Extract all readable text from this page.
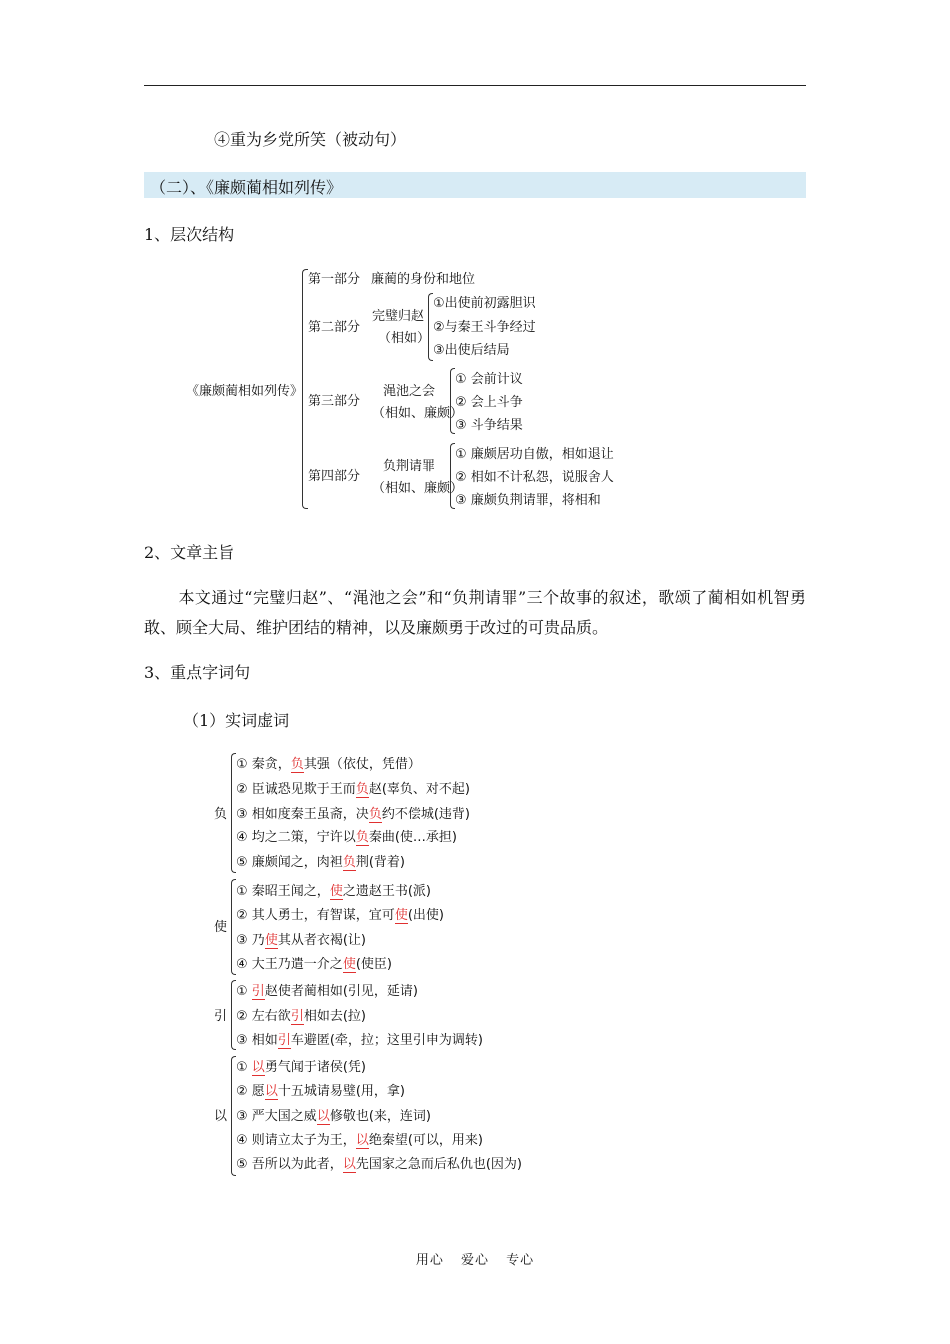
④重为乡党所笑（被动句）
（二）、《廉颇蔺相如列传》
1、层次结构
《廉颇蔺相如列传》
第一部分 廉蔺的身份和地位
第二部分
完璧归赵
（相如）
①出使前初露胆识
②与秦王斗争经过
③出使后结局
第三部分
渑池之会
（相如、廉颇）
① 会前计议
② 会上斗争
③ 斗争结果
第四部分
负荆请罪
（相如、廉颇）
① 廉颇居功自傲，相如退让
② 相如不计私怨，说服舍人
③ 廉颇负荆请罪，将相和
2、文章主旨
本文通过“完璧归赵”、“渑池之会”和“负荆请罪”三个故事的叙述，歌颂了蔺相如机智勇敢、顾全大局、维护团结的精神，以及廉颇勇于改过的可贵品质。
3、重点字词句
（1）实词虚词
负
① 秦贪，负其强（依仗，凭借）
② 臣诚恐见欺于王而负赵(辜负、对不起)
③ 相如度秦王虽斋，决负约不偿城(违背)
④ 均之二策，宁许以负秦曲(使…承担)
⑤ 廉颇闻之，肉袒负荆(背着)
使
① 秦昭王闻之，使之遗赵王书(派)
② 其人勇士，有智谋，宜可使(出使)
③ 乃使其从者衣褐(让)
④ 大王乃遣一介之使(使臣)
引
① 引赵使者蔺相如(引见，延请)
② 左右欲引相如去(拉)
③ 相如引车避匿(牵，拉；这里引申为调转)
以
① 以勇气闻于诸侯(凭)
② 愿以十五城请易璧(用，拿)
③ 严大国之威以修敬也(来，连词)
④ 则请立太子为王，以绝秦望(可以，用来)
⑤ 吾所以为此者，以先国家之急而后私仇也(因为)
用心 爱心 专心
